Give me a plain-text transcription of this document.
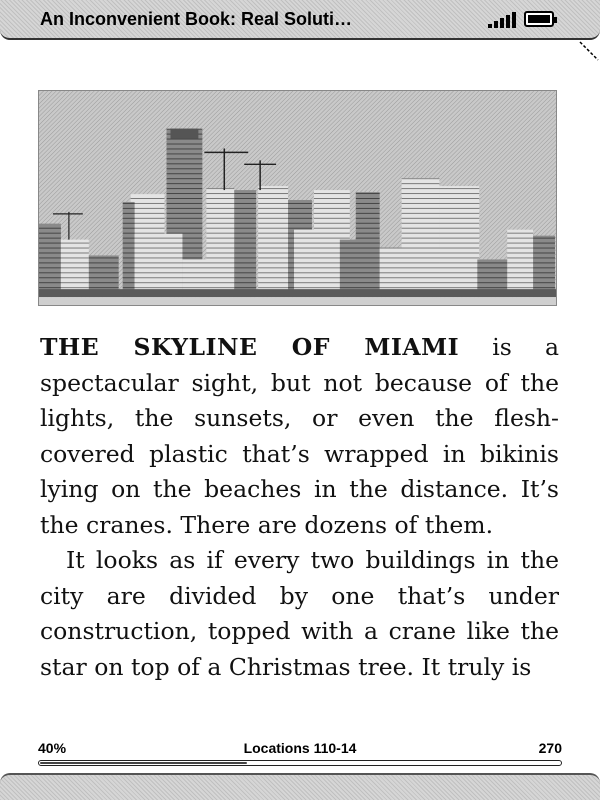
An Inconvenient Book: Real Soluti…

THE SKYLINE OF MIAMI is a spectacular sight, but not because of the lights, the sunsets, or even the flesh-covered plastic that’s wrapped in bikinis lying on the beaches in the distance. It’s the cranes. There are dozens of them.

It looks as if every two buildings in the city are divided by one that’s under construction, topped with a crane like the star on top of a Christmas tree. It truly is

Locations 110-14
40%	270
